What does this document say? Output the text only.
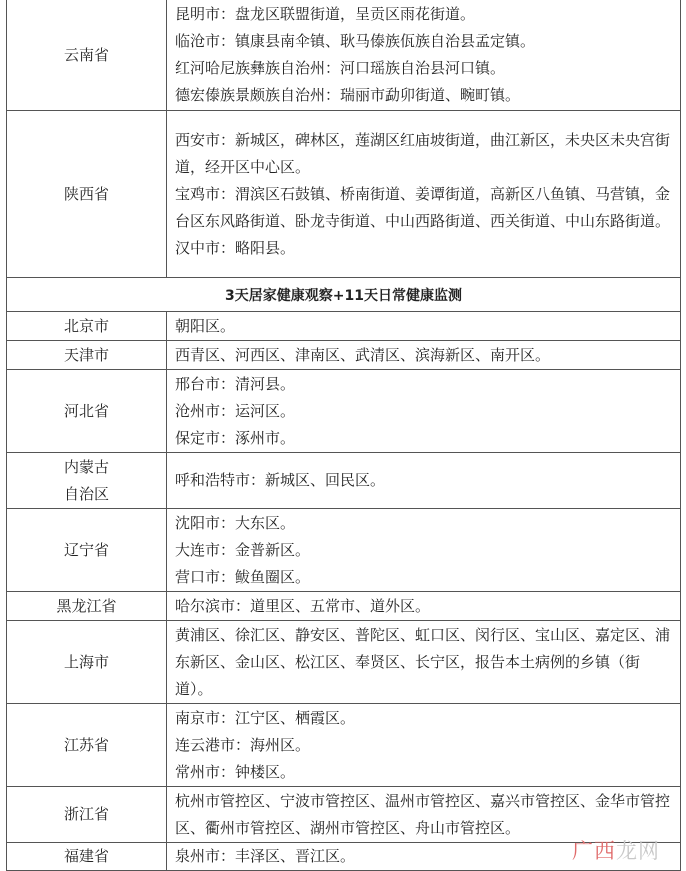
云南省	昆明市：盘龙区联盟街道，呈贡区雨花街道。
临沧市：镇康县南伞镇、耿马傣族佤族自治县孟定镇。
红河哈尼族彝族自治州：河口瑶族自治县河口镇。
德宏傣族景颇族自治州：瑞丽市勐卯街道、畹町镇。

陕西省	西安市：新城区，碑林区，莲湖区红庙坡街道，曲江新区，未央区未央宫街道，经开区中心区。
宝鸡市：渭滨区石鼓镇、桥南街道、姜谭街道，高新区八鱼镇、马营镇，金台区东风路街道、卧龙寺街道、中山西路街道、西关街道、中山东路街道。
汉中市：略阳县。

3天居家健康观察+11天日常健康监测	
北京市	朝阳区。

天津市	西青区、河西区、津南区、武清区、滨海新区、南开区。

河北省	邢台市：清河县。
沧州市：运河区。
保定市：涿州市。

内蒙古
自治区	呼和浩特市：新城区、回民区。

辽宁省	沈阳市：大东区。
大连市：金普新区。
营口市：鲅鱼圈区。

黑龙江省	哈尔滨市：道里区、五常市、道外区。

上海市	黄浦区、徐汇区、静安区、普陀区、虹口区、闵行区、宝山区、嘉定区、浦东新区、金山区、松江区、奉贤区、长宁区，报告本土病例的乡镇（街道）。

江苏省	南京市：江宁区、栖霞区。
连云港市：海州区。
常州市：钟楼区。

浙江省	杭州市管控区、宁波市管控区、温州市管控区、嘉兴市管控区、金华市管控区、衢州市管控区、湖州市管控区、舟山市管控区。

福建省	泉州市：丰泽区、晋江区。	广西龙网
